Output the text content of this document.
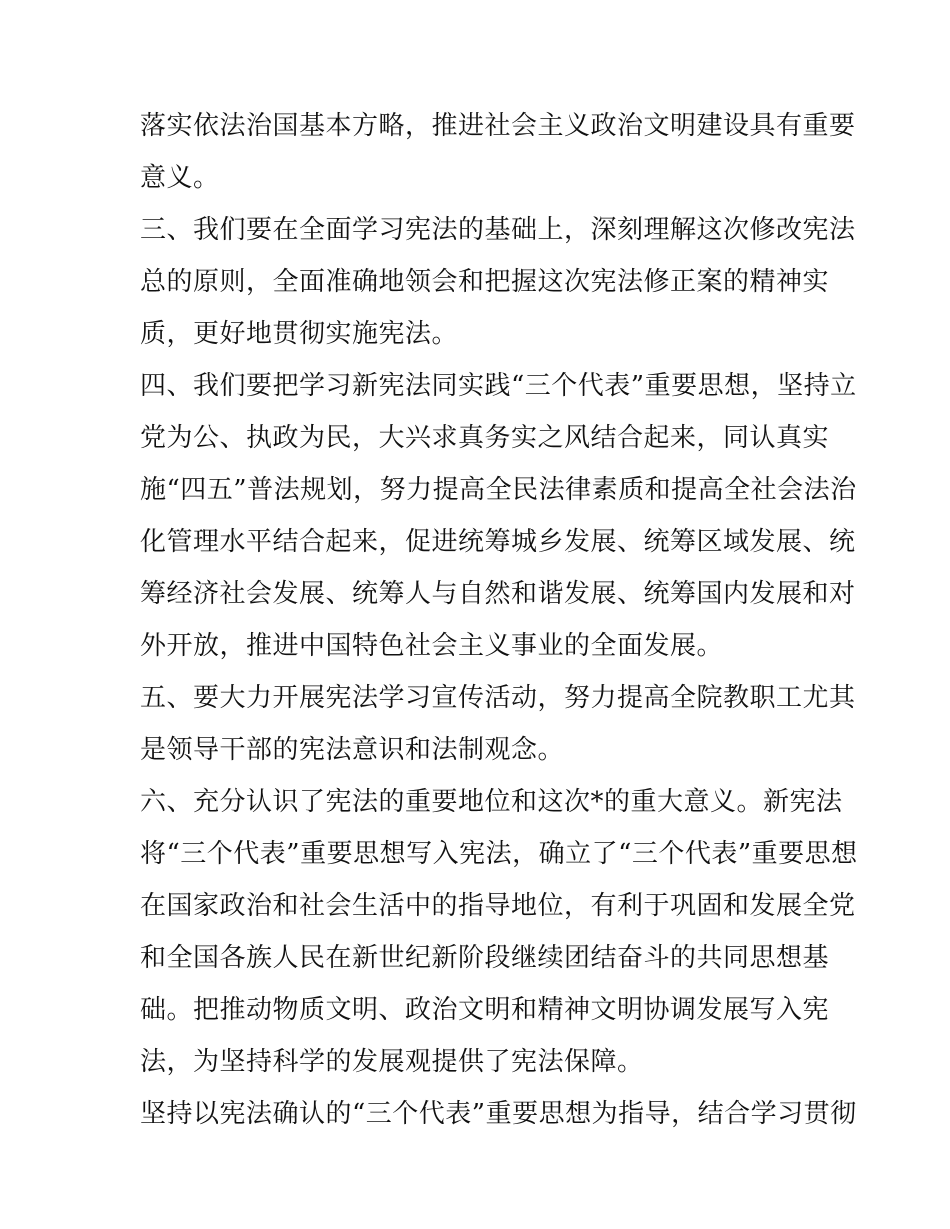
落实依法治国基本方略，推进社会主义政治文明建设具有重要
意义。
三、我们要在全面学习宪法的基础上，深刻理解这次修改宪法
总的原则，全面准确地领会和把握这次宪法修正案的精神实
质，更好地贯彻实施宪法。
四、我们要把学习新宪法同实践“三个代表”重要思想，坚持立
党为公、执政为民，大兴求真务实之风结合起来，同认真实
施“四五”普法规划，努力提高全民法律素质和提高全社会法治
化管理水平结合起来，促进统筹城乡发展、统筹区域发展、统
筹经济社会发展、统筹人与自然和谐发展、统筹国内发展和对
外开放，推进中国特色社会主义事业的全面发展。
五、要大力开展宪法学习宣传活动，努力提高全院教职工尤其
是领导干部的宪法意识和法制观念。
六、充分认识了宪法的重要地位和这次*的重大意义。新宪法
将“三个代表”重要思想写入宪法，确立了“三个代表”重要思想
在国家政治和社会生活中的指导地位，有利于巩固和发展全党
和全国各族人民在新世纪新阶段继续团结奋斗的共同思想基
础。把推动物质文明、政治文明和精神文明协调发展写入宪
法，为坚持科学的发展观提供了宪法保障。
坚持以宪法确认的“三个代表”重要思想为指导，结合学习贯彻
